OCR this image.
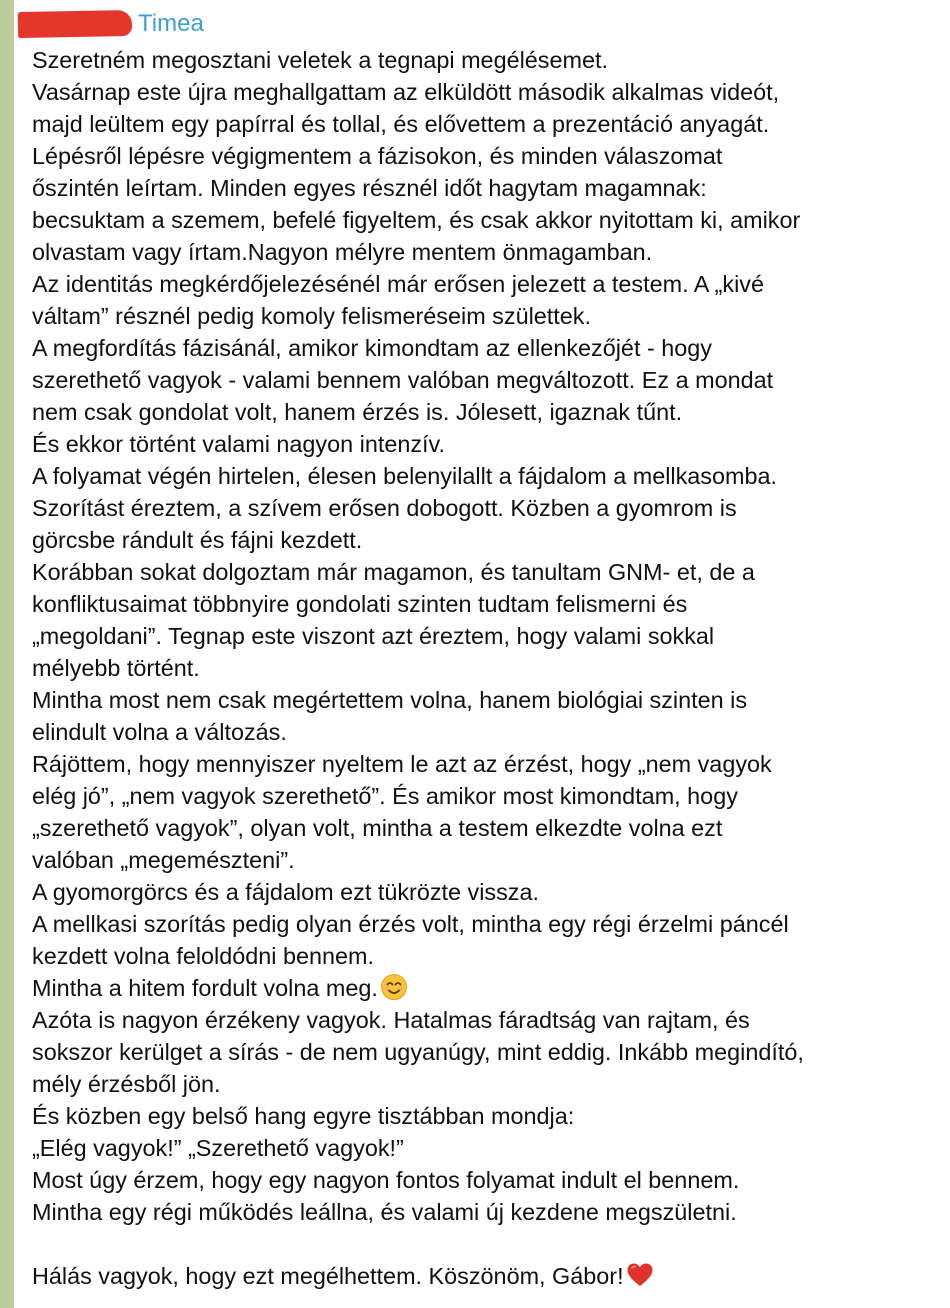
Timea
Szeretném megosztani veletek a tegnapi megélésemet.
Vasárnap este újra meghallgattam az elküldött második alkalmas videót,
majd leültem egy papírral és tollal, és elővettem a prezentáció anyagát.
Lépésről lépésre végigmentem a fázisokon, és minden válaszomat
őszintén leírtam. Minden egyes résznél időt hagytam magamnak:
becsuktam a szemem, befelé figyeltem, és csak akkor nyitottam ki, amikor
olvastam vagy írtam.Nagyon mélyre mentem önmagamban.
Az identitás megkérdőjelezésénél már erősen jelezett a testem. A „kivé
váltam” résznél pedig komoly felismeréseim születtek.
A megfordítás fázisánál, amikor kimondtam az ellenkezőjét - hogy
szerethető vagyok - valami bennem valóban megváltozott. Ez a mondat
nem csak gondolat volt, hanem érzés is. Jólesett, igaznak tűnt.
És ekkor történt valami nagyon intenzív.
A folyamat végén hirtelen, élesen belenyilallt a fájdalom a mellkasomba.
Szorítást éreztem, a szívem erősen dobogott. Közben a gyomrom is
görcsbe rándult és fájni kezdett.
Korábban sokat dolgoztam már magamon, és tanultam GNM- et, de a
konfliktusaimat többnyire gondolati szinten tudtam felismerni és
„megoldani”. Tegnap este viszont azt éreztem, hogy valami sokkal
mélyebb történt.
Mintha most nem csak megértettem volna, hanem biológiai szinten is
elindult volna a változás.
Rájöttem, hogy mennyiszer nyeltem le azt az érzést, hogy „nem vagyok
elég jó”, „nem vagyok szerethető”. És amikor most kimondtam, hogy
„szerethető vagyok”, olyan volt, mintha a testem elkezdte volna ezt
valóban „megemészteni”.
A gyomorgörcs és a fájdalom ezt tükrözte vissza.
A mellkasi szorítás pedig olyan érzés volt, mintha egy régi érzelmi páncél
kezdett volna feloldódni bennem.
Mintha a hitem fordult volna meg.
Azóta is nagyon érzékeny vagyok. Hatalmas fáradtság van rajtam, és
sokszor kerülget a sírás - de nem ugyanúgy, mint eddig. Inkább megindító,
mély érzésből jön.
És közben egy belső hang egyre tisztábban mondja:
„Elég vagyok!” „Szerethető vagyok!”
Most úgy érzem, hogy egy nagyon fontos folyamat indult el bennem.
Mintha egy régi működés leállna, és valami új kezdene megszületni.
Hálás vagyok, hogy ezt megélhettem. Köszönöm, Gábor!
